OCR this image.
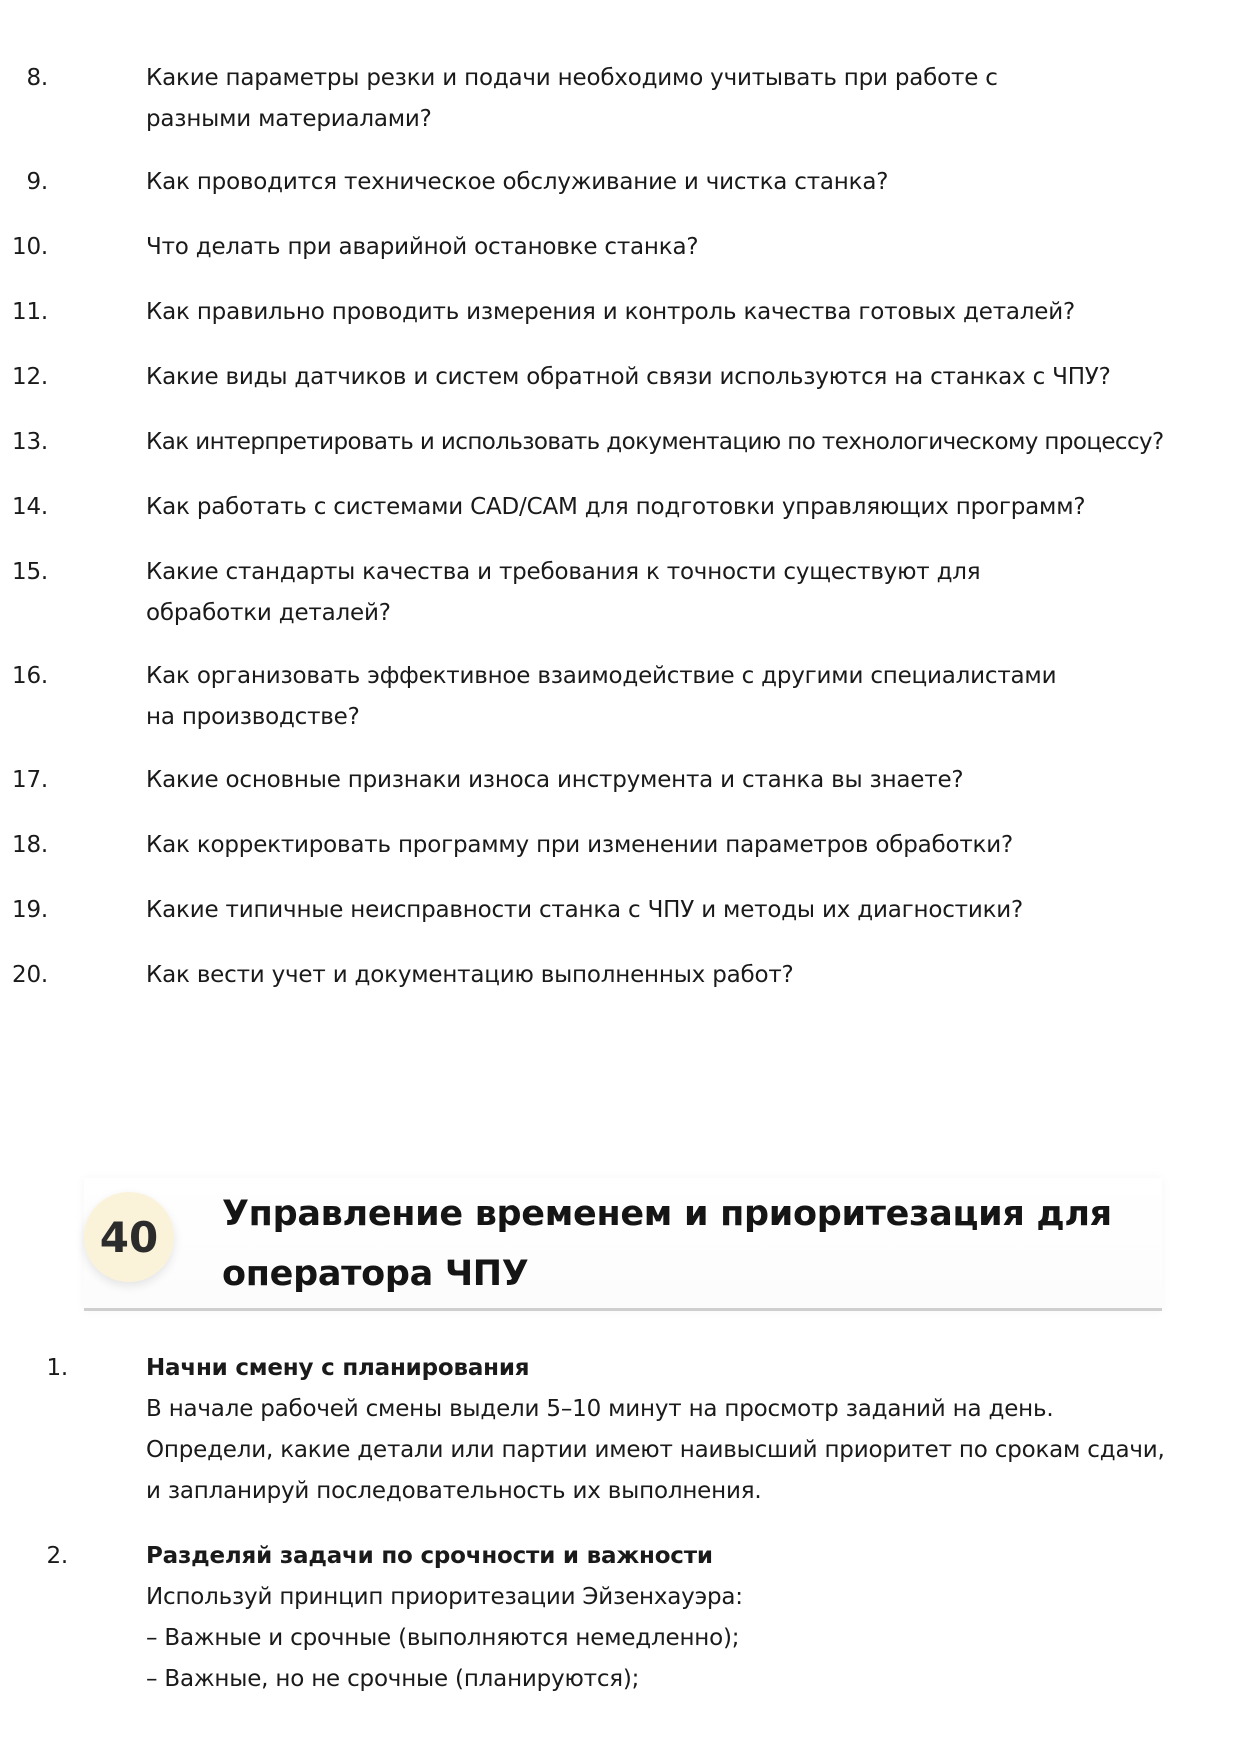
8.	Какие параметры резки и подачи необходимо учитывать при работе с разными материалами?
9.	Как проводится техническое обслуживание и чистка станка?
10.	Что делать при аварийной остановке станка?
11.	Как правильно проводить измерения и контроль качества готовых деталей?
12.	Какие виды датчиков и систем обратной связи используются на станках с ЧПУ?
13.	Как интерпретировать и использовать документацию по технологическому процессу?
14.	Как работать с системами CAD/CAM для подготовки управляющих программ?
15.	Какие стандарты качества и требования к точности существуют для обработки деталей?
16.	Как организовать эффективное взаимодействие с другими специалистами на производстве?
17.	Какие основные признаки износа инструмента и станка вы знаете?
18.	Как корректировать программу при изменении параметров обработки?
19.	Какие типичные неисправности станка с ЧПУ и методы их диагностики?
20.	Как вести учет и документацию выполненных работ?
40	Управление временем и приоритезация для оператора ЧПУ
1.	Начни смену с планирования
В начале рабочей смены выдели 5–10 минут на просмотр заданий на день. Определи, какие детали или партии имеют наивысший приоритет по срокам сдачи, и запланируй последовательность их выполнения.
2.	Разделяй задачи по срочности и важности
Используй принцип приоритезации Эйзенхауэра:
– Важные и срочные (выполняются немедленно);
– Важные, но не срочные (планируются);
